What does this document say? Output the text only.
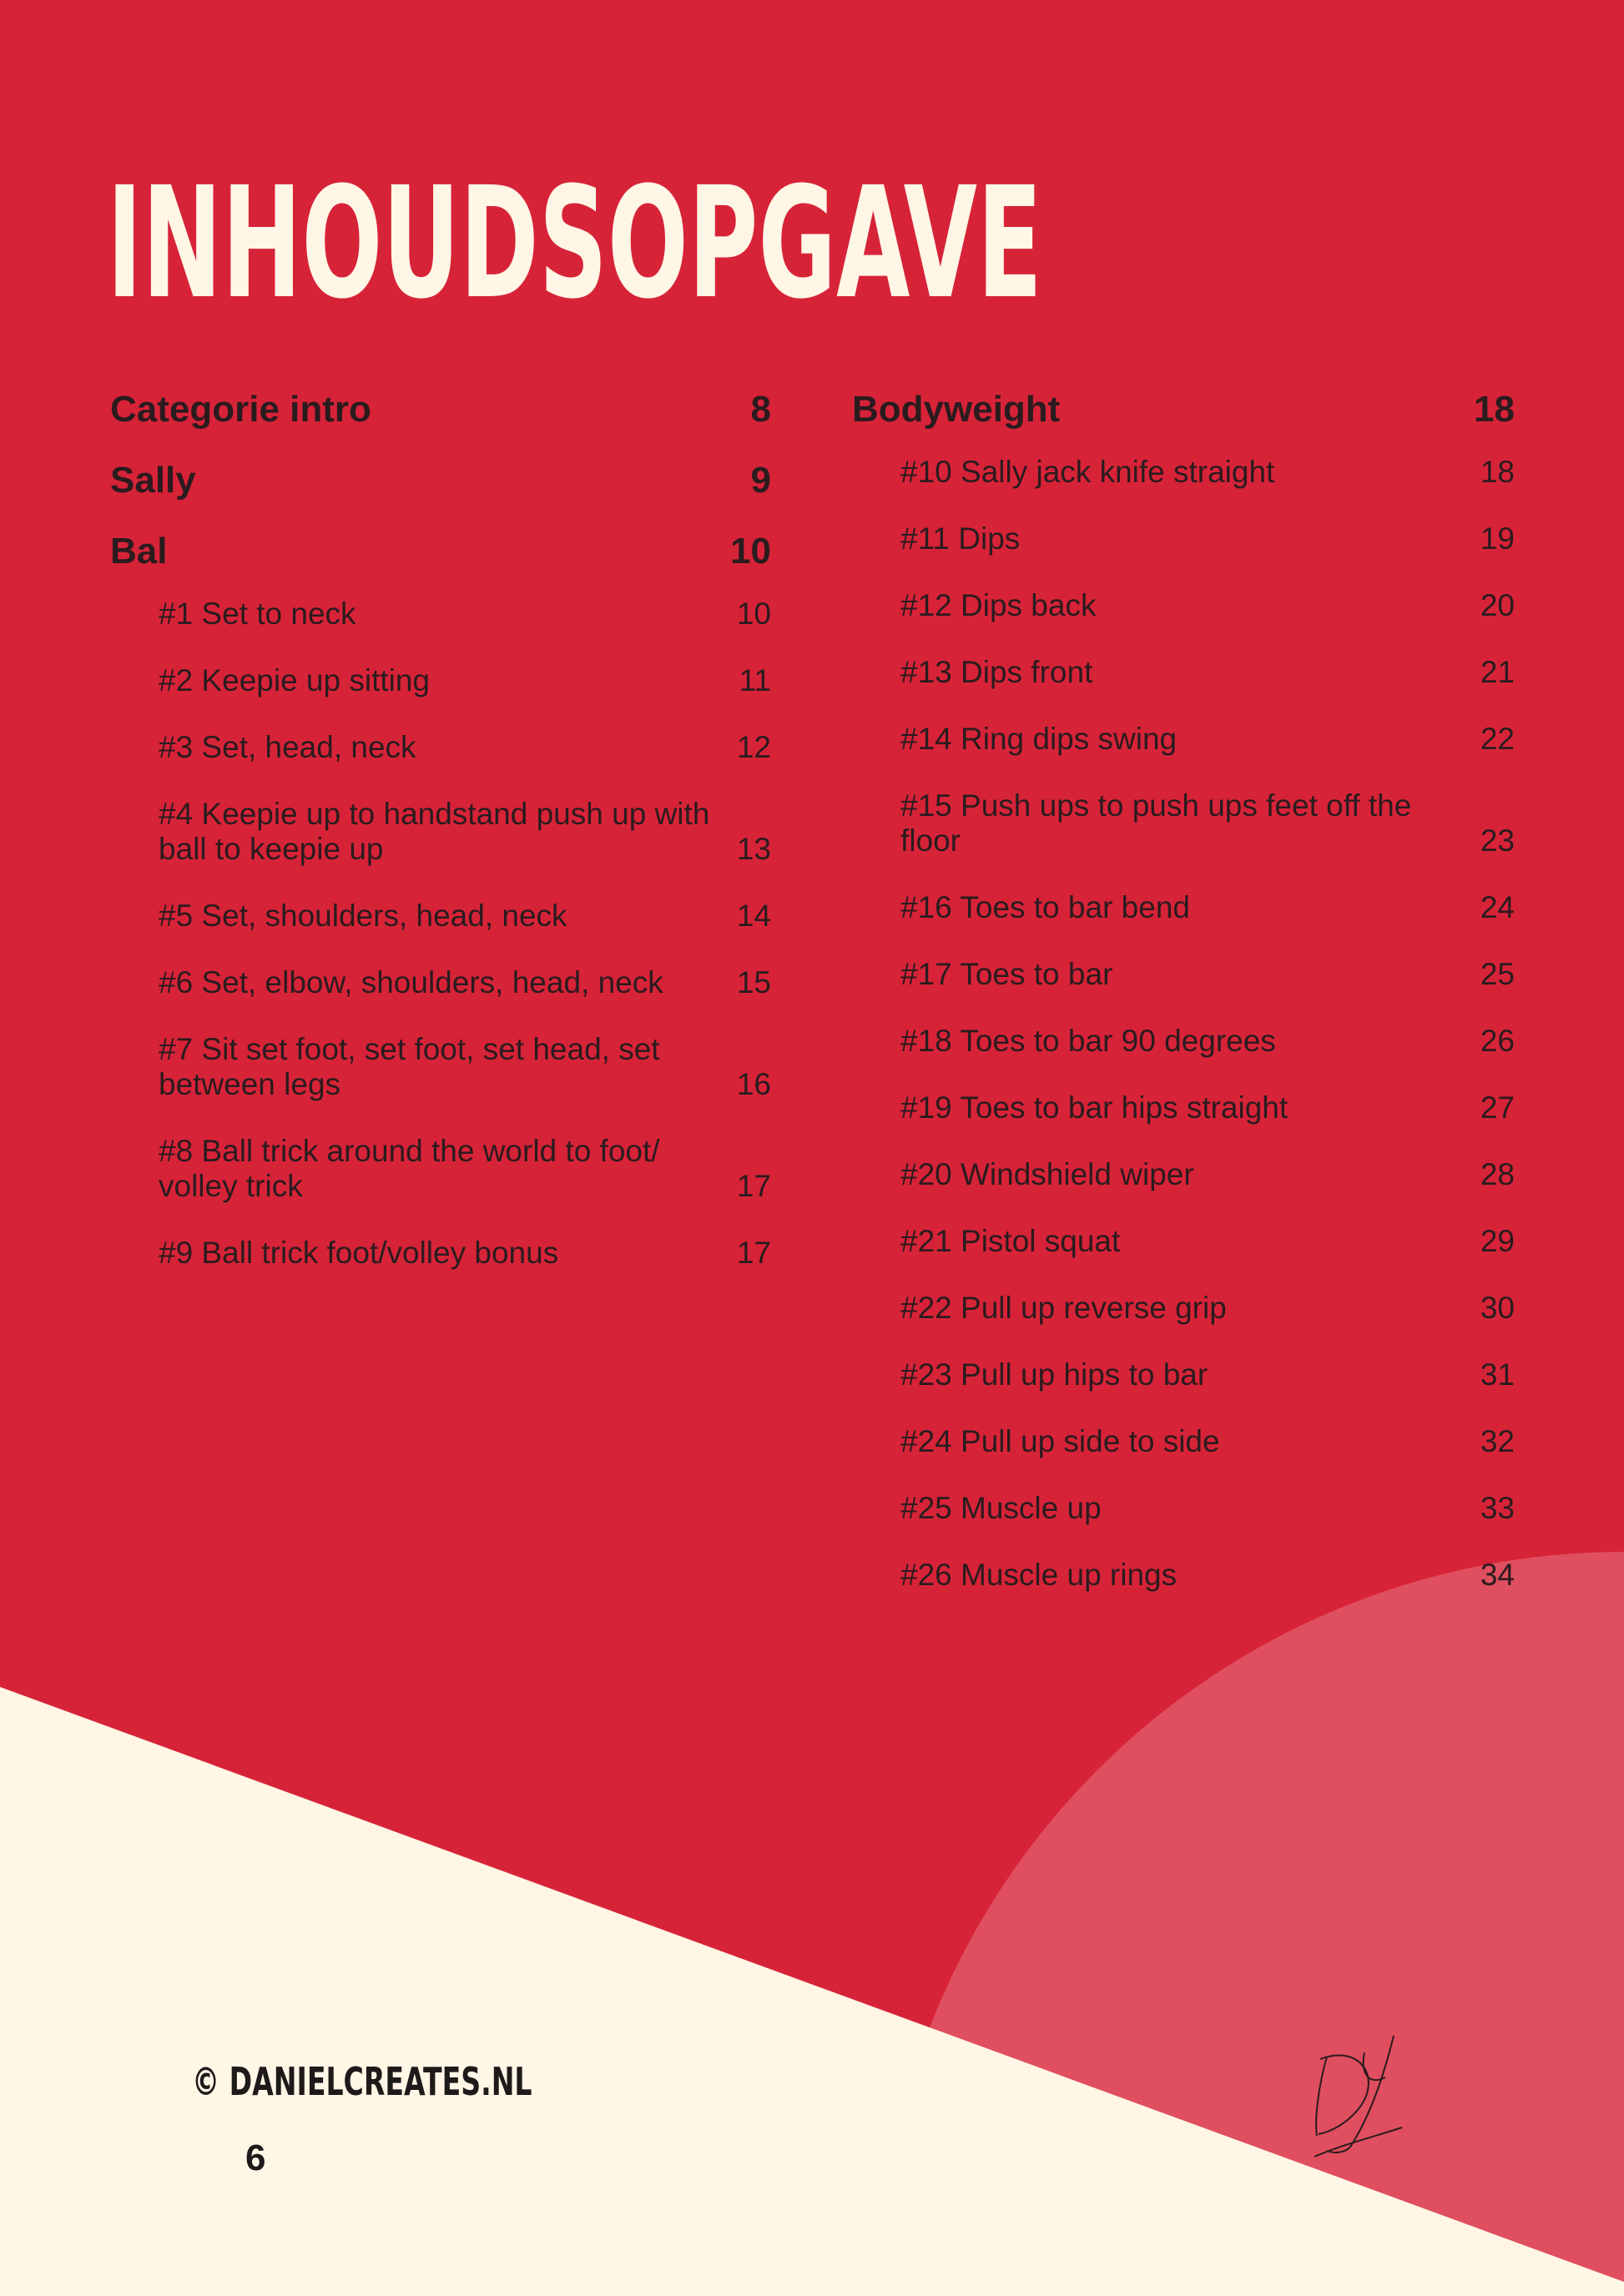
INHOUDSOPGAVE
Categorie intro	8
Sally	9
Bal	10
#1 Set to neck	10
#2 Keepie up sitting	11
#3 Set, head, neck	12
#4 Keepie up to handstand push up with ball to keepie up	13
#5 Set, shoulders, head, neck	14
#6 Set, elbow, shoulders, head, neck 15
#7 Sit set foot, set foot, set head, set between legs	16
#8 Ball trick around the world to foot/ volley trick	17
#9 Ball trick foot/volley bonus	17
Bodyweight	18
#10 Sally jack knife straight	18
#11 Dips	19
#12 Dips back	20
#13 Dips front	21
#14 Ring dips swing	22
#15 Push ups to push ups feet off the floor	23
#16 Toes to bar bend	24
#17 Toes to bar	25
#18 Toes to bar 90 degrees	26
#19 Toes to bar hips straight	27
#20 Windshield wiper	28
#21 Pistol squat	29
#22 Pull up reverse grip	30
#23 Pull up hips to bar	31
#24 Pull up side to side	32
#25 Muscle up	33
#26 Muscle up rings	34
© DANIELCREATES.NL
6
